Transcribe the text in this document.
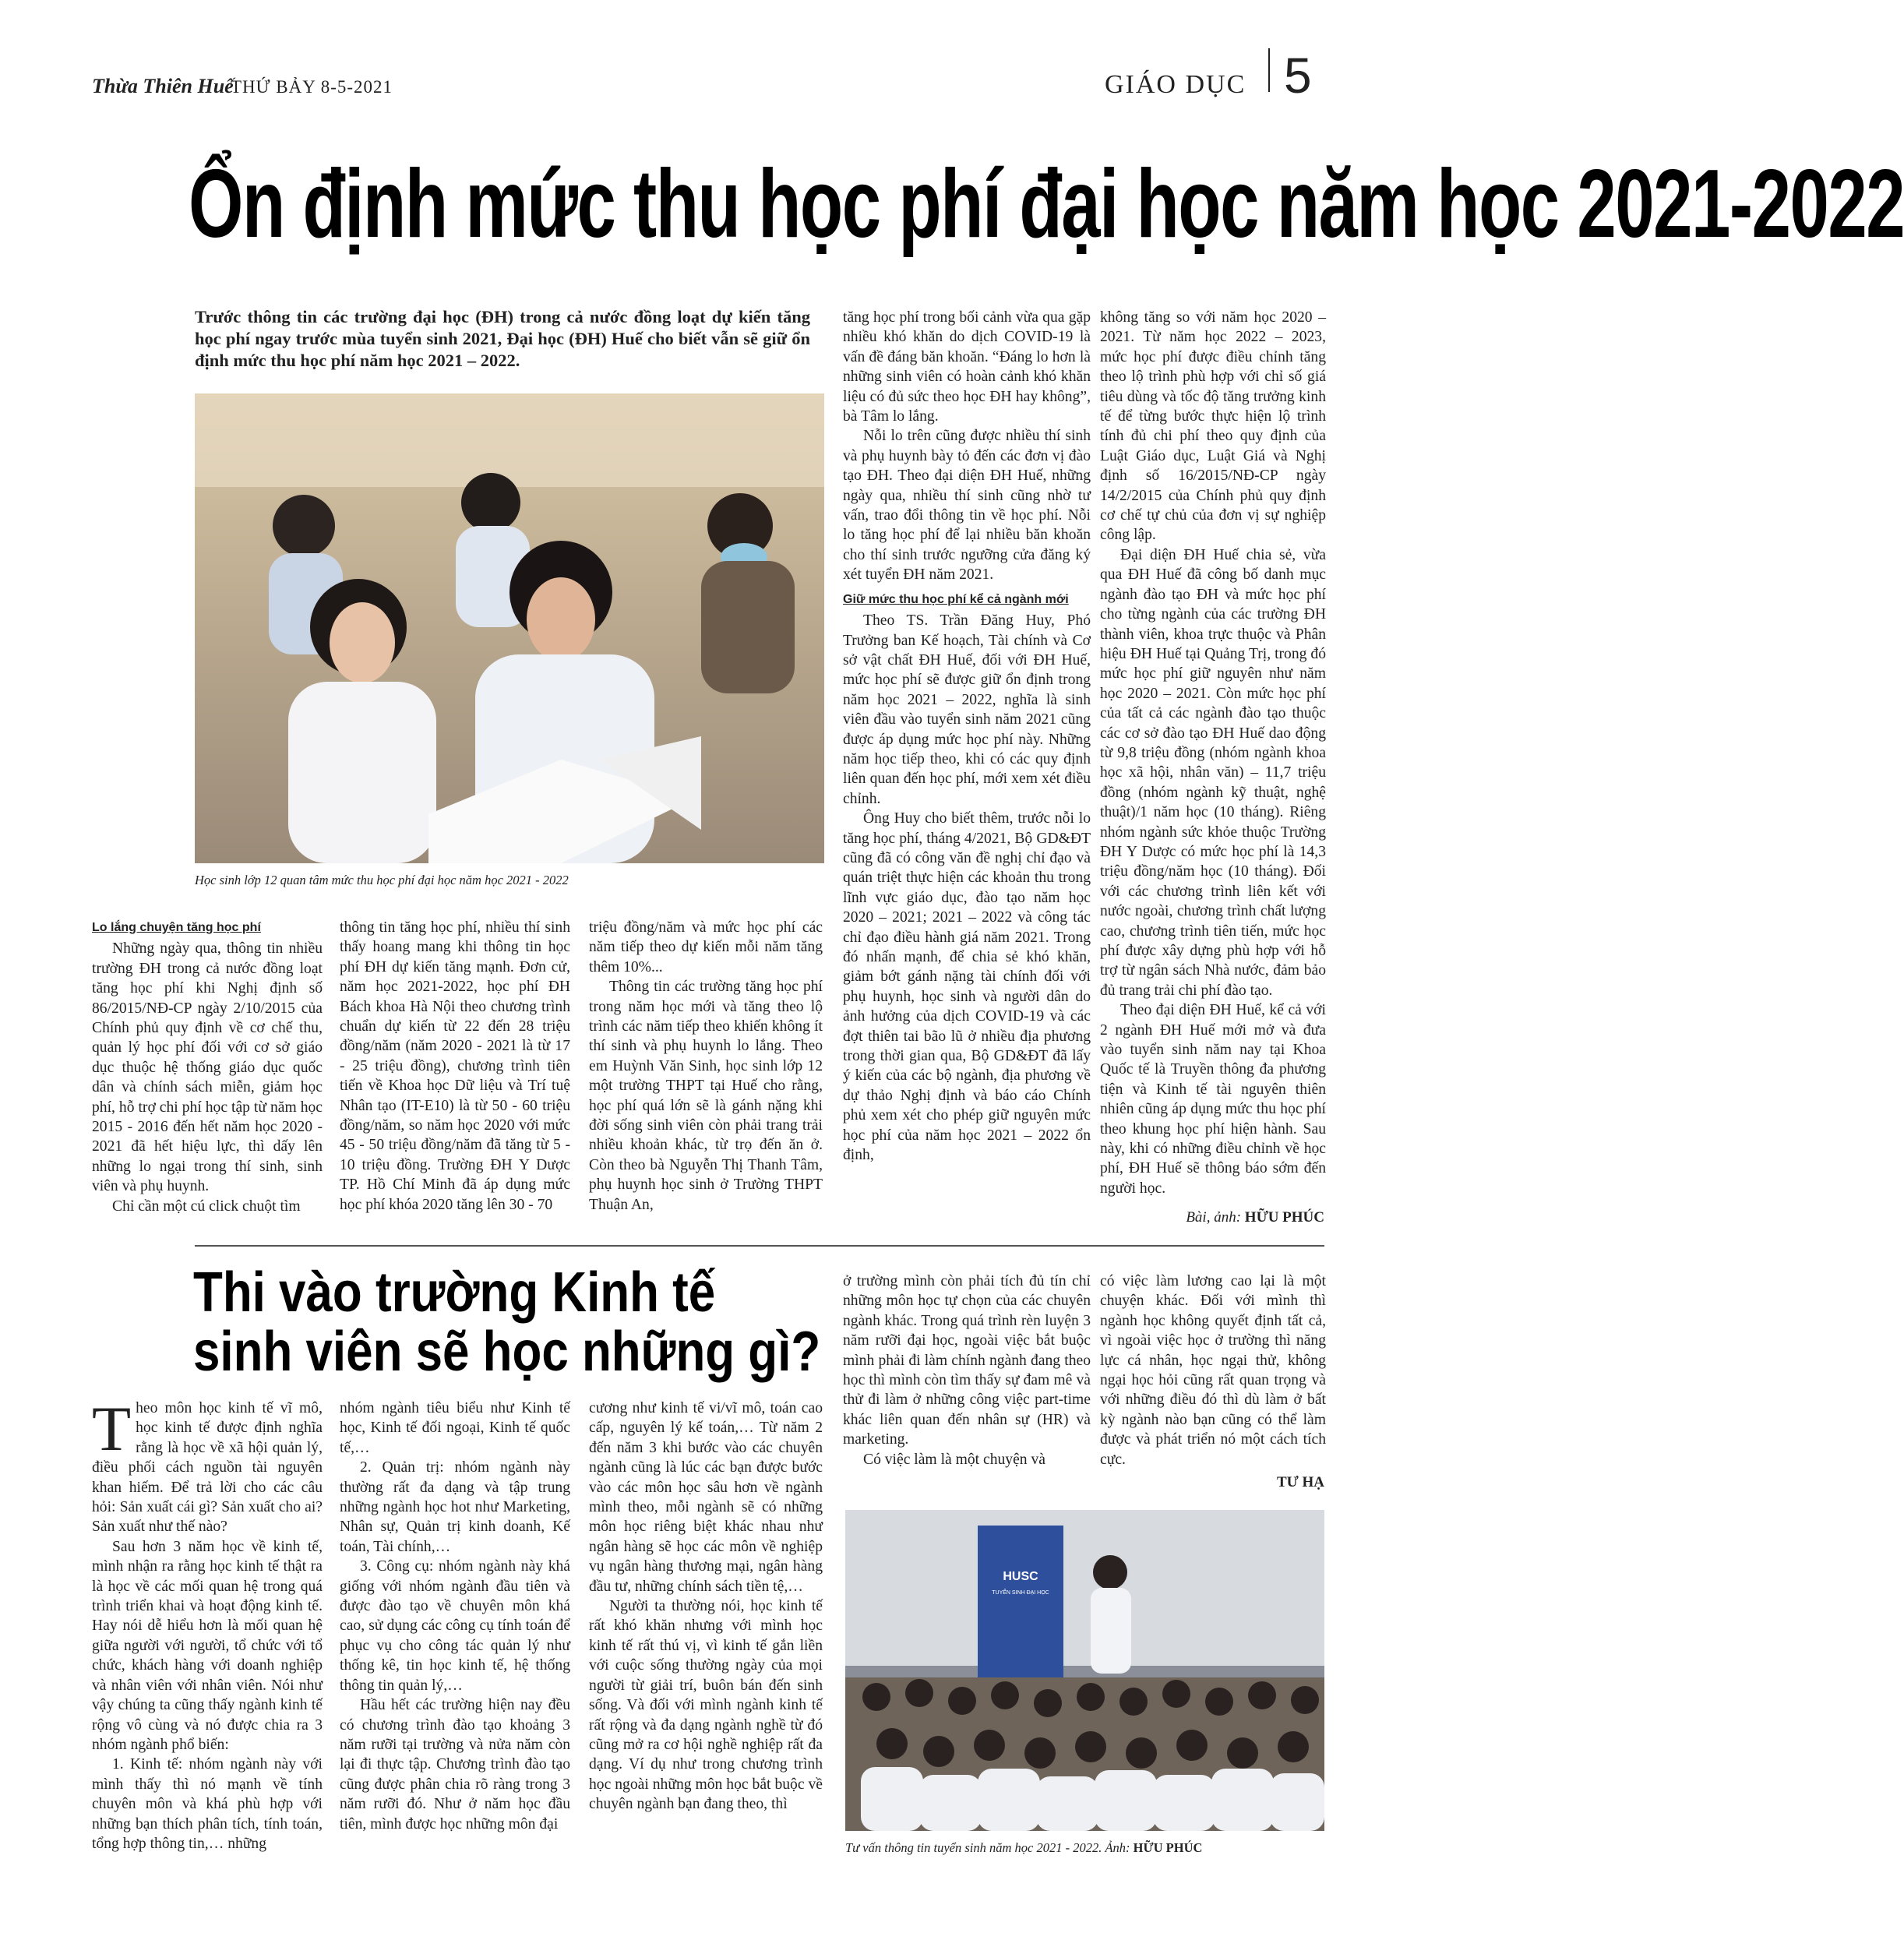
Thừa Thiên Huế
THỨ BẢY 8-5-2021	GIÁO DỤC 5
Ổn định mức thu học phí đại học năm học 2021-2022
Trước thông tin các trường đại học (ĐH) trong cả nước đồng loạt dự kiến tăng học phí ngay trước mùa tuyển sinh 2021, Đại học (ĐH) Huế cho biết vẫn sẽ giữ ổn định mức thu học phí năm học 2021 – 2022.
Học sinh lớp 12 quan tâm mức thu học phí đại học năm học 2021 - 2022

tăng học phí trong bối cảnh vừa qua gặp nhiều khó khăn do dịch COVID-19 là vấn đề đáng băn khoăn. “Đáng lo hơn là những sinh viên có hoàn cảnh khó khăn liệu có đủ sức theo học ĐH hay không”, bà Tâm lo lắng.

Nỗi lo trên cũng được nhiều thí sinh và phụ huynh bày tỏ đến các đơn vị đào tạo ĐH. Theo đại diện ĐH Huế, những ngày qua, nhiều thí sinh cũng nhờ tư vấn, trao đổi thông tin về học phí. Nỗi lo tăng học phí để lại nhiều băn khoăn cho thí sinh trước ngưỡng cửa đăng ký xét tuyển ĐH năm 2021.

Giữ mức thu học phí kể cả ngành mới

Theo TS. Trần Đăng Huy, Phó Trưởng ban Kế hoạch, Tài chính và Cơ sở vật chất ĐH Huế, đối với ĐH Huế, mức học phí sẽ được giữ ổn định trong năm học 2021 – 2022, nghĩa là sinh viên đầu vào tuyển sinh năm 2021 cũng được áp dụng mức học phí này. Những năm học tiếp theo, khi có các quy định liên quan đến học phí, mới xem xét điều chỉnh.

Ông Huy cho biết thêm, trước nỗi lo tăng học phí, tháng 4/2021, Bộ GD&ĐT cũng đã có công văn đề nghị chỉ đạo và quán triệt thực hiện các khoản thu trong lĩnh vực giáo dục, đào tạo năm học 2020 – 2021; 2021 – 2022 và công tác chỉ đạo điều hành giá năm 2021. Trong đó nhấn mạnh, để chia sẻ khó khăn, giảm bớt gánh nặng tài chính đối với phụ huynh, học sinh và người dân do ảnh hưởng của dịch COVID-19 và các đợt thiên tai bão lũ ở nhiều địa phương trong thời gian qua, Bộ GD&ĐT đã lấy ý kiến của các bộ ngành, địa phương về dự thảo Nghị định và báo cáo Chính phủ xem xét cho phép giữ nguyên mức học phí của năm học 2021 – 2022 ổn định,

không tăng so với năm học 2020 – 2021. Từ năm học 2022 – 2023, mức học phí được điều chỉnh tăng theo lộ trình phù hợp với chỉ số giá tiêu dùng và tốc độ tăng trưởng kinh tế để từng bước thực hiện lộ trình tính đủ chi phí theo quy định của Luật Giáo dục, Luật Giá và Nghị định số 16/2015/NĐ-CP ngày 14/2/2015 của Chính phủ quy định cơ chế tự chủ của đơn vị sự nghiệp công lập.

Đại diện ĐH Huế chia sẻ, vừa qua ĐH Huế đã công bố danh mục ngành đào tạo ĐH và mức học phí cho từng ngành của các trường ĐH thành viên, khoa trực thuộc và Phân hiệu ĐH Huế tại Quảng Trị, trong đó mức học phí giữ nguyên như năm học 2020 – 2021. Còn mức học phí của tất cả các ngành đào tạo thuộc các cơ sở đào tạo ĐH Huế dao động từ 9,8 triệu đồng (nhóm ngành khoa học xã hội, nhân văn) – 11,7 triệu đồng (nhóm ngành kỹ thuật, nghệ thuật)/1 năm học (10 tháng). Riêng nhóm ngành sức khỏe thuộc Trường ĐH Y Dược có mức học phí là 14,3 triệu đồng/năm học (10 tháng). Đối với các chương trình liên kết với nước ngoài, chương trình chất lượng cao, chương trình tiên tiến, mức học phí được xây dựng phù hợp với hỗ trợ từ ngân sách Nhà nước, đảm bảo đủ trang trải chi phí đào tạo.

Theo đại diện ĐH Huế, kể cả với 2 ngành ĐH Huế mới mở và đưa vào tuyển sinh năm nay tại Khoa Quốc tế là Truyền thông đa phương tiện và Kinh tế tài nguyên thiên nhiên cũng áp dụng mức thu học phí theo khung học phí hiện hành. Sau này, khi có những điều chỉnh về học phí, ĐH Huế sẽ thông báo sớm đến người học.

Lo lắng chuyện tăng học phí

Những ngày qua, thông tin nhiều trường ĐH trong cả nước đồng loạt tăng học phí khi Nghị định số 86/2015/NĐ-CP ngày 2/10/2015 của Chính phủ quy định về cơ chế thu, quản lý học phí đối với cơ sở giáo dục thuộc hệ thống giáo dục quốc dân và chính sách miễn, giảm học phí, hỗ trợ chi phí học tập từ năm học 2015 - 2016 đến hết năm học 2020 - 2021 đã hết hiệu lực, thì dấy lên những lo ngại trong thí sinh, sinh viên và phụ huynh.

Chỉ cần một cú click chuột tìm

thông tin tăng học phí, nhiều thí sinh thấy hoang mang khi thông tin học phí ĐH dự kiến tăng mạnh. Đơn cử, năm học 2021-2022, học phí ĐH Bách khoa Hà Nội theo chương trình chuẩn dự kiến từ 22 đến 28 triệu đồng/năm (năm 2020 - 2021 là từ 17 - 25 triệu đồng), chương trình tiên tiến về Khoa học Dữ liệu và Trí tuệ Nhân tạo (IT-E10) là từ 50 - 60 triệu đồng/năm, so năm học 2020 với mức 45 - 50 triệu đồng/năm đã tăng từ 5 - 10 triệu đồng. Trường ĐH Y Dược TP. Hồ Chí Minh đã áp dụng mức học phí khóa 2020 tăng lên 30 - 70

triệu đồng/năm và mức học phí các năm tiếp theo dự kiến mỗi năm tăng thêm 10%...

Thông tin các trường tăng học phí trong năm học mới và tăng theo lộ trình các năm tiếp theo khiến không ít thí sinh và phụ huynh lo lắng. Theo em Huỳnh Văn Sinh, học sinh lớp 12 một trường THPT tại Huế cho rằng, học phí quá lớn sẽ là gánh nặng khi đời sống sinh viên còn phải trang trải nhiều khoản khác, từ trọ đến ăn ở. Còn theo bà Nguyễn Thị Thanh Tâm, phụ huynh học sinh ở Trường THPT Thuận An,

Bài, ảnh: HỮU PHÚC
Thi vào trường Kinh tế
sinh viên sẽ học những gì?

Theo môn học kinh tế vĩ mô, học kinh tế được định nghĩa rằng là học về xã hội quản lý, điều phối cách nguồn tài nguyên khan hiếm. Để trả lời cho các câu hỏi: Sản xuất cái gì? Sản xuất cho ai? Sản xuất như thế nào?

Sau hơn 3 năm học về kinh tế, mình nhận ra rằng học kinh tế thật ra là học về các mối quan hệ trong quá trình triển khai và hoạt động kinh tế. Hay nói dễ hiểu hơn là mối quan hệ giữa người với người, tổ chức với tổ chức, khách hàng với doanh nghiệp và nhân viên với nhân viên. Nói như vậy chúng ta cũng thấy ngành kinh tế rộng vô cùng và nó được chia ra 3 nhóm ngành phổ biến:

1. Kinh tế: nhóm ngành này với mình thấy thì nó mạnh về tính chuyên môn và khá phù hợp với những bạn thích phân tích, tính toán, tổng hợp thông tin,… những

nhóm ngành tiêu biểu như Kinh tế học, Kinh tế đối ngoại, Kinh tế quốc tế,…

2. Quản trị: nhóm ngành này thường rất đa dạng và tập trung những ngành học hot như Marketing, Nhân sự, Quản trị kinh doanh, Kế toán, Tài chính,…

3. Công cụ: nhóm ngành này khá giống với nhóm ngành đầu tiên và được đào tạo về chuyên môn khá cao, sử dụng các công cụ tính toán để phục vụ cho công tác quản lý như thống kê, tin học kinh tế, hệ thống thông tin quản lý,…

Hầu hết các trường hiện nay đều có chương trình đào tạo khoảng 3 năm rưỡi tại trường và nửa năm còn lại đi thực tập. Chương trình đào tạo cũng được phân chia rõ ràng trong 3 năm rưỡi đó. Như ở năm học đầu tiên, mình được học những môn đại

cương như kinh tế vi/vĩ mô, toán cao cấp, nguyên lý kế toán,… Từ năm 2 đến năm 3 khi bước vào các chuyên ngành cũng là lúc các bạn được bước vào các môn học sâu hơn về ngành mình theo, mỗi ngành sẽ có những môn học riêng biệt khác nhau như ngân hàng sẽ học các môn về nghiệp vụ ngân hàng thương mại, ngân hàng đầu tư, những chính sách tiền tệ,…

Người ta thường nói, học kinh tế rất khó khăn nhưng với mình học kinh tế rất thú vị, vì kinh tế gắn liền với cuộc sống thường ngày của mọi người từ giải trí, buôn bán đến sinh sống. Và đối với mình ngành kinh tế rất rộng và đa dạng ngành nghề từ đó cũng mở ra cơ hội nghề nghiệp rất đa dạng. Ví dụ như trong chương trình học ngoài những môn học bắt buộc về chuyên ngành bạn đang theo, thì

ở trường mình còn phải tích đủ tín chỉ những môn học tự chọn của các chuyên ngành khác. Trong quá trình rèn luyện 3 năm rưỡi đại học, ngoài việc bắt buộc mình phải đi làm chính ngành đang theo học thì mình còn tìm thấy sự đam mê và thử đi làm ở những công việc part-time khác liên quan đến nhân sự (HR) và marketing.

Có việc làm là một chuyện và

có việc làm lương cao lại là một chuyện khác. Đối với mình thì ngành học không quyết định tất cả, vì ngoài việc học ở trường thì năng lực cá nhân, học ngại thử, không ngại học hỏi cũng rất quan trọng và với những điều đó thì dù làm ở bất kỳ ngành nào bạn cũng có thể làm được và phát triển nó một cách tích cực.

TƯ HẠ
HUSC
TUYỂN SINH ĐẠI HỌC
Tư vấn thông tin tuyển sinh năm học 2021 - 2022. Ảnh: HỮU PHÚC
